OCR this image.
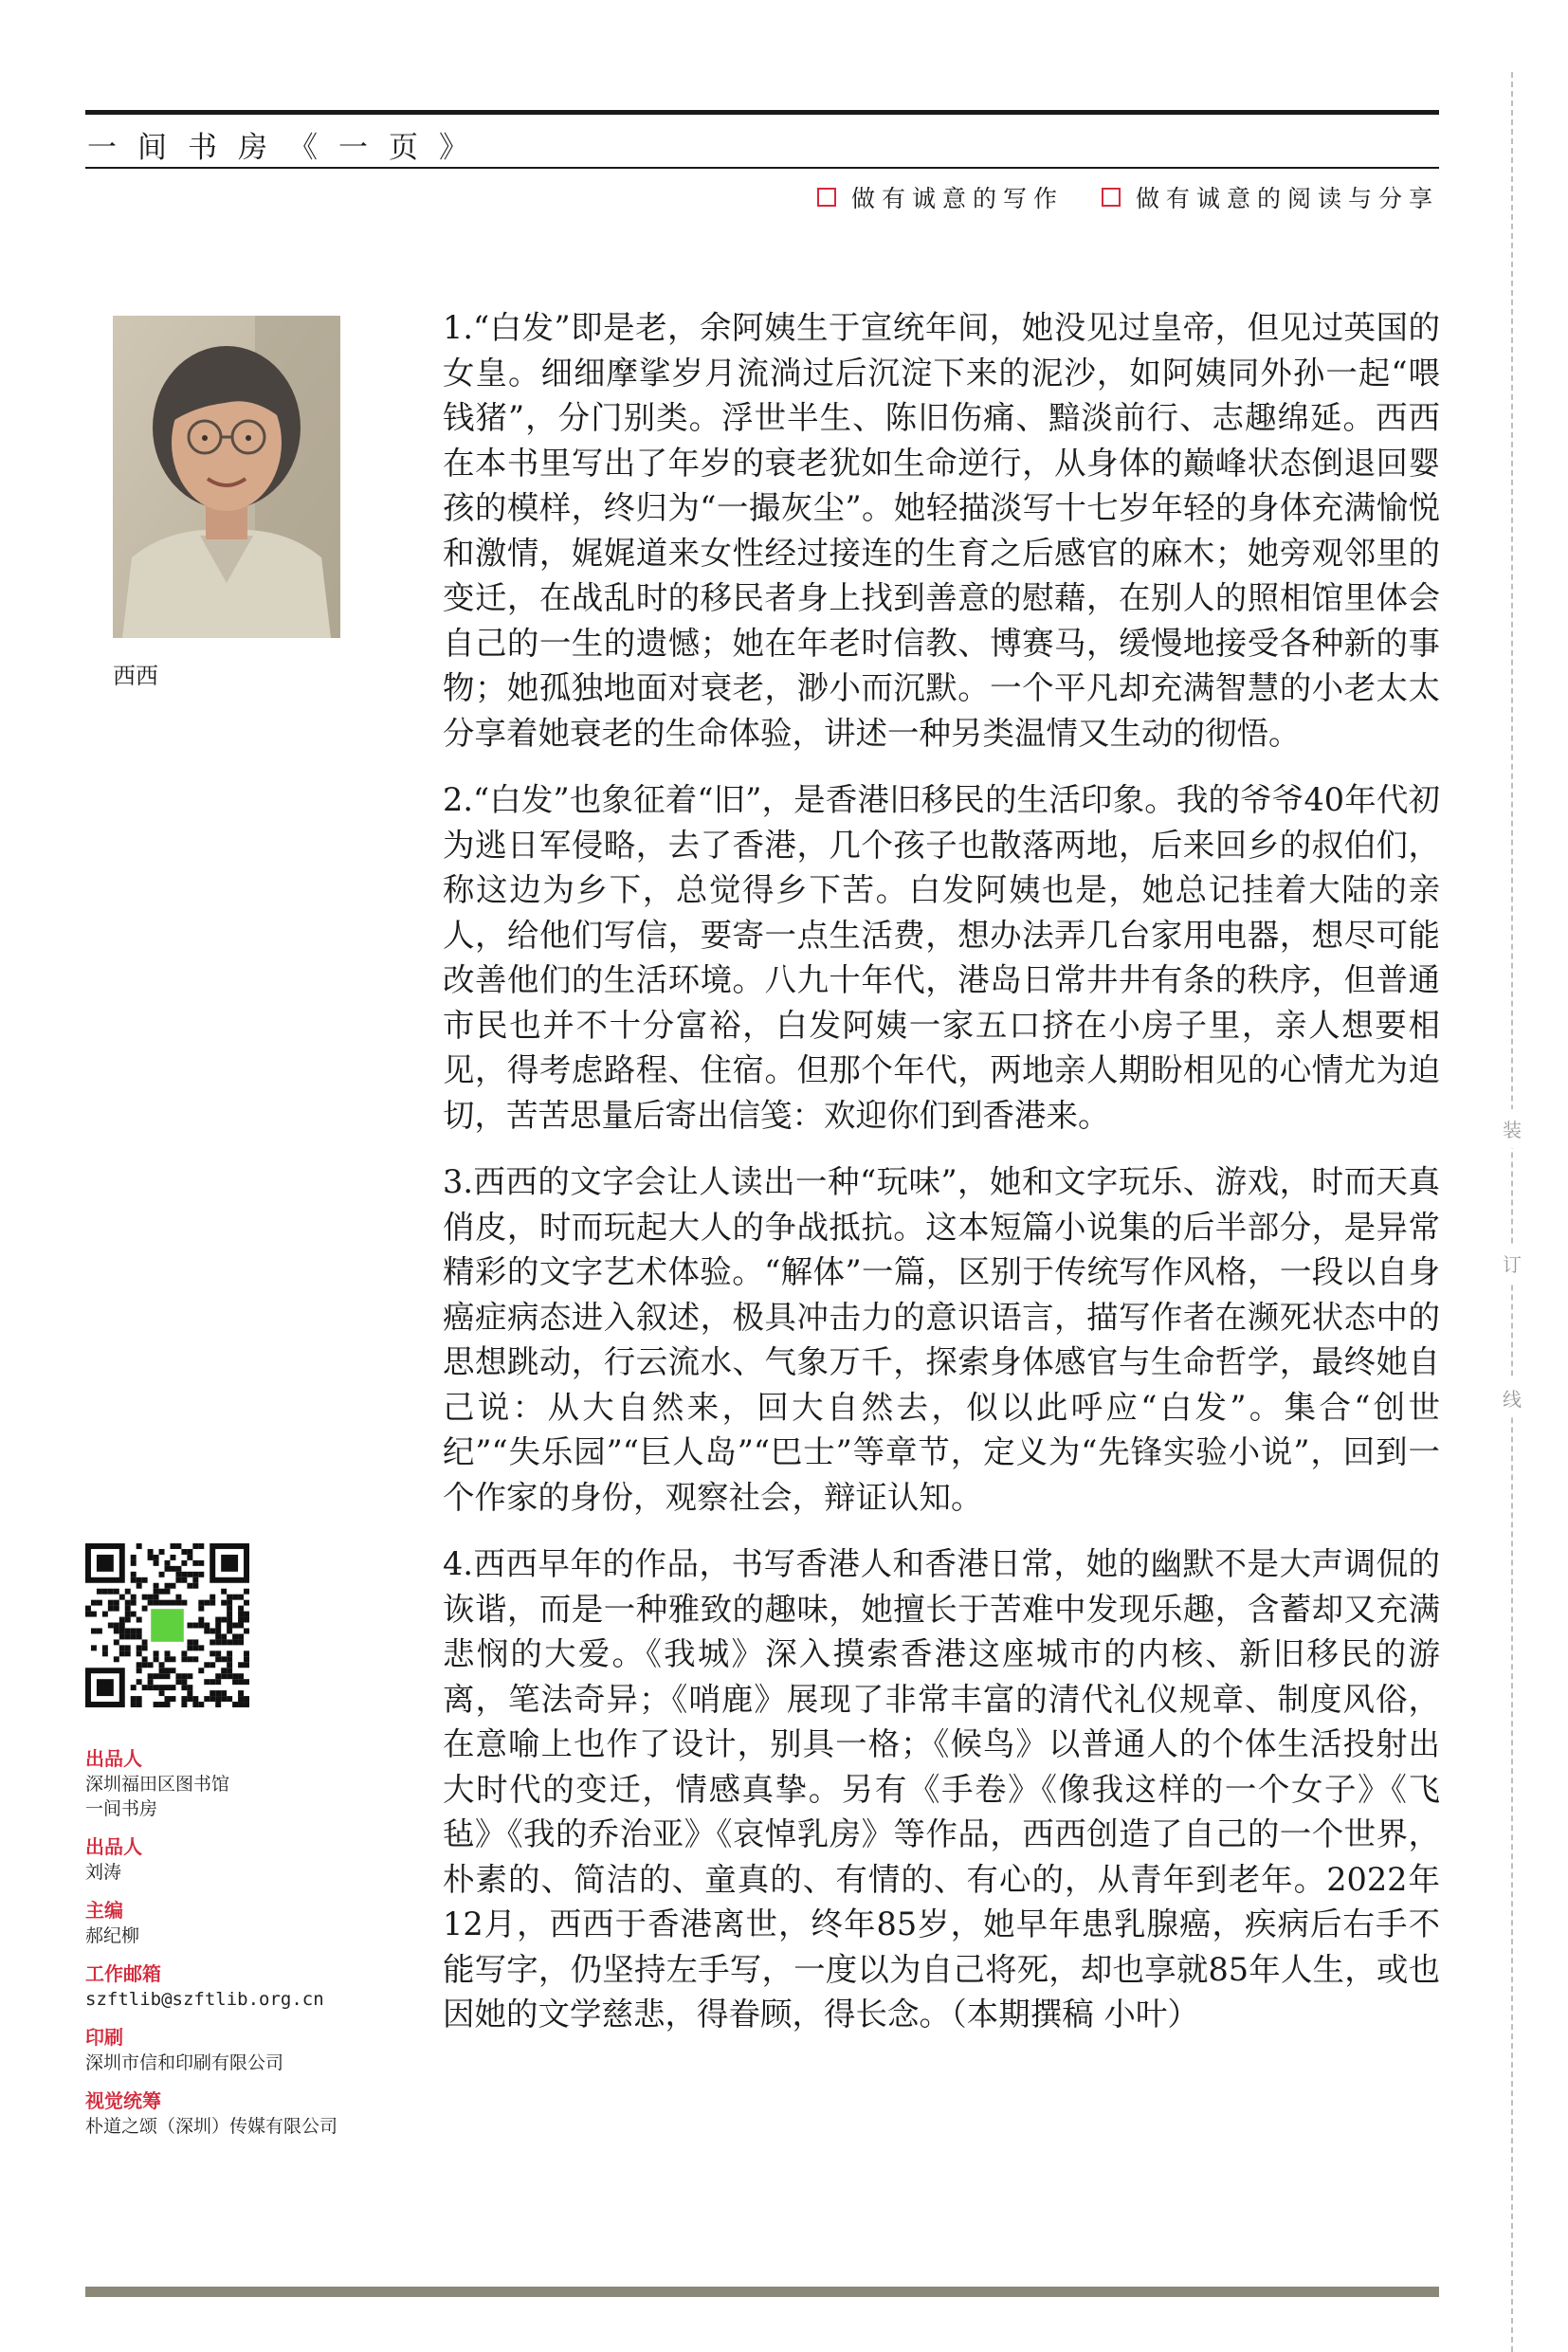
一间书房《一页》
做有诚意的写作	做有诚意的阅读与分享
西西

1.“白发”即是老，余阿姨生于宣统年间，她没见过皇帝，但见过英国的女皇。细细摩挲岁月流淌过后沉淀下来的泥沙，如阿姨同外孙一起“喂钱猪”，分门别类。浮世半生、陈旧伤痛、黯淡前行、志趣绵延。西西在本书里写出了年岁的衰老犹如生命逆行，从身体的巅峰状态倒退回婴孩的模样，终归为“一撮灰尘”。她轻描淡写十七岁年轻的身体充满愉悦和激情，娓娓道来女性经过接连的生育之后感官的麻木；她旁观邻里的变迁，在战乱时的移民者身上找到善意的慰藉，在别人的照相馆里体会自己的一生的遗憾；她在年老时信教、博赛马，缓慢地接受各种新的事物；她孤独地面对衰老，渺小而沉默。一个平凡却充满智慧的小老太太分享着她衰老的生命体验，讲述一种另类温情又生动的彻悟。

2.“白发”也象征着“旧”，是香港旧移民的生活印象。我的爷爷40年代初为逃日军侵略，去了香港，几个孩子也散落两地，后来回乡的叔伯们，称这边为乡下，总觉得乡下苦。白发阿姨也是，她总记挂着大陆的亲人，给他们写信，要寄一点生活费，想办法弄几台家用电器，想尽可能改善他们的生活环境。八九十年代，港岛日常井井有条的秩序，但普通市民也并不十分富裕，白发阿姨一家五口挤在小房子里，亲人想要相见，得考虑路程、住宿。但那个年代，两地亲人期盼相见的心情尤为迫切，苦苦思量后寄出信笺：欢迎你们到香港来。

3.西西的文字会让人读出一种“玩味”，她和文字玩乐、游戏，时而天真俏皮，时而玩起大人的争战抵抗。这本短篇小说集的后半部分，是异常精彩的文字艺术体验。“解体”一篇，区别于传统写作风格，一段以自身癌症病态进入叙述，极具冲击力的意识语言，描写作者在濒死状态中的思想跳动，行云流水、气象万千，探索身体感官与生命哲学，最终她自己说：从大自然来，回大自然去，似以此呼应“白发”。集合“创世纪”“失乐园”“巨人岛”“巴士”等章节，定义为“先锋实验小说”，回到一个作家的身份，观察社会，辩证认知。

4.西西早年的作品，书写香港人和香港日常，她的幽默不是大声调侃的诙谐，而是一种雅致的趣味，她擅长于苦难中发现乐趣，含蓄却又充满悲悯的大爱。《我城》深入摸索香港这座城市的内核、新旧移民的游离，笔法奇异；《哨鹿》展现了非常丰富的清代礼仪规章、制度风俗，在意喻上也作了设计，别具一格；《候鸟》以普通人的个体生活投射出大时代的变迁，情感真挚。另有《手卷》《像我这样的一个女子》《飞毡》《我的乔治亚》《哀悼乳房》等作品，西西创造了自己的一个世界，朴素的、简洁的、童真的、有情的、有心的，从青年到老年。2022年12月，西西于香港离世，终年85岁，她早年患乳腺癌，疾病后右手不能写字，仍坚持左手写，一度以为自己将死，却也享就85年人生，或也因她的文学慈悲，得眷顾，得长念。（本期撰稿 小叶）

出品人
深圳福田区图书馆
一间书房
出品人
刘涛
主编
郝纪柳
工作邮箱
szftlib@szftlib.org.cn
印刷
深圳市信和印刷有限公司
视觉统筹
朴道之颂（深圳）传媒有限公司
装
订
线
